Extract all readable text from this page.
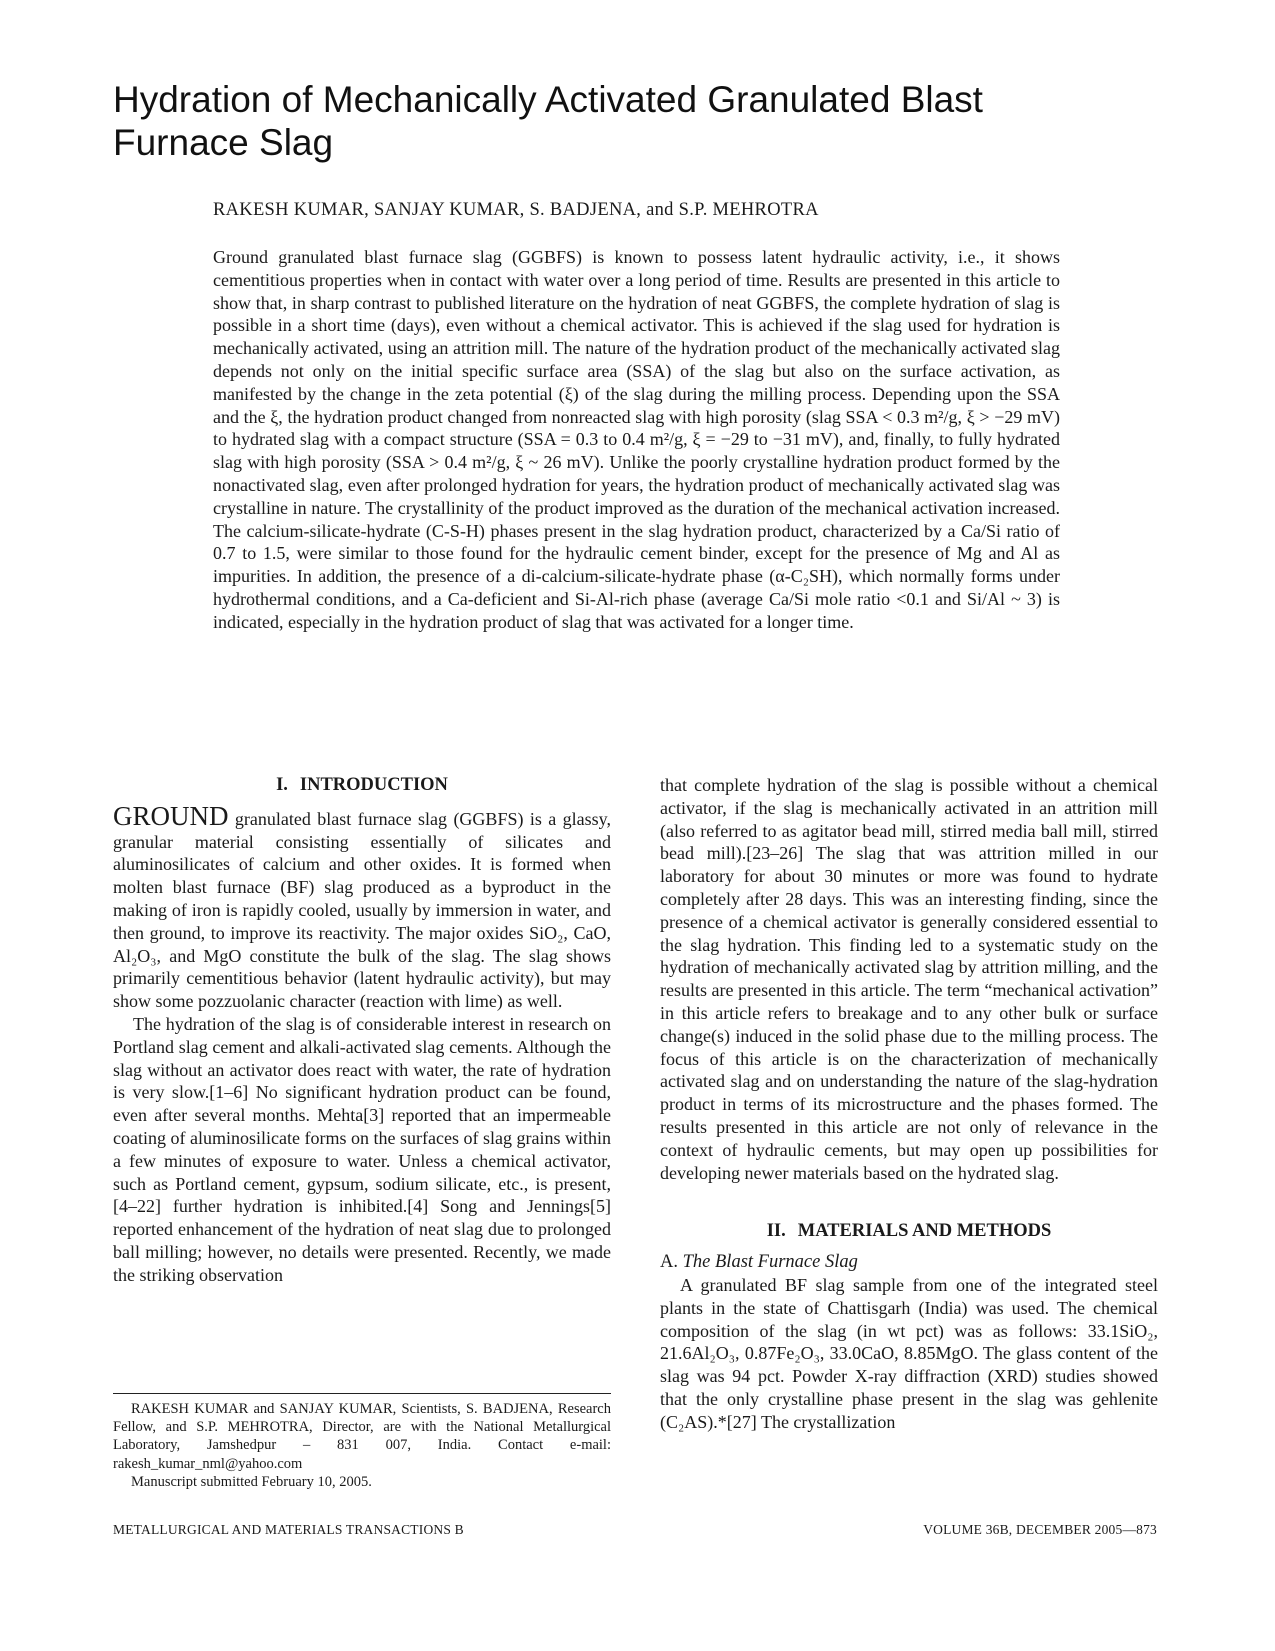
Hydration of Mechanically Activated Granulated Blast Furnace Slag

RAKESH KUMAR, SANJAY KUMAR, S. BADJENA, and S.P. MEHROTRA

Ground granulated blast furnace slag (GGBFS) is known to possess latent hydraulic activity, i.e., it shows cementitious properties when in contact with water over a long period of time. Results are presented in this article to show that, in sharp contrast to published literature on the hydration of neat GGBFS, the complete hydration of slag is possible in a short time (days), even without a chemical activator. This is achieved if the slag used for hydration is mechanically activated, using an attrition mill. The nature of the hydration product of the mechanically activated slag depends not only on the initial specific surface area (SSA) of the slag but also on the surface activation, as manifested by the change in the zeta potential (ξ) of the slag during the milling process. Depending upon the SSA and the ξ, the hydration product changed from nonreacted slag with high porosity (slag SSA < 0.3 m²/g, ξ > −29 mV) to hydrated slag with a compact structure (SSA = 0.3 to 0.4 m²/g, ξ = −29 to −31 mV), and, finally, to fully hydrated slag with high porosity (SSA > 0.4 m²/g, ξ ~ 26 mV). Unlike the poorly crystalline hydration product formed by the nonactivated slag, even after prolonged hydration for years, the hydration product of mechanically activated slag was crystalline in nature. The crystallinity of the product improved as the duration of the mechanical activation increased. The calcium-silicate-hydrate (C-S-H) phases present in the slag hydration product, characterized by a Ca/Si ratio of 0.7 to 1.5, were similar to those found for the hydraulic cement binder, except for the presence of Mg and Al as impurities. In addition, the presence of a di-calcium-silicate-hydrate phase (α-C₂SH), which normally forms under hydrothermal conditions, and a Ca-deficient and Si-Al-rich phase (average Ca/Si mole ratio <0.1 and Si/Al ~ 3) is indicated, especially in the hydration product of slag that was activated for a longer time.

I. INTRODUCTION

GROUND granulated blast furnace slag (GGBFS) is a glassy, granular material consisting essentially of silicates and aluminosilicates of calcium and other oxides. It is formed when molten blast furnace (BF) slag produced as a byproduct in the making of iron is rapidly cooled, usually by immersion in water, and then ground, to improve its reactivity. The major oxides SiO₂, CaO, Al₂O₃, and MgO constitute the bulk of the slag. The slag shows primarily cementitious behavior (latent hydraulic activity), but may show some pozzuolanic character (reaction with lime) as well.

The hydration of the slag is of considerable interest in research on Portland slag cement and alkali-activated slag cements. Although the slag without an activator does react with water, the rate of hydration is very slow.[1–6] No significant hydration product can be found, even after several months. Mehta[3] reported that an impermeable coating of aluminosilicate forms on the surfaces of slag grains within a few minutes of exposure to water. Unless a chemical activator, such as Portland cement, gypsum, sodium silicate, etc., is present,[4–22] further hydration is inhibited.[4] Song and Jennings[5] reported enhancement of the hydration of neat slag due to prolonged ball milling; however, no details were presented. Recently, we made the striking observation

that complete hydration of the slag is possible without a chemical activator, if the slag is mechanically activated in an attrition mill (also referred to as agitator bead mill, stirred media ball mill, stirred bead mill).[23–26] The slag that was attrition milled in our laboratory for about 30 minutes or more was found to hydrate completely after 28 days. This was an interesting finding, since the presence of a chemical activator is generally considered essential to the slag hydration. This finding led to a systematic study on the hydration of mechanically activated slag by attrition milling, and the results are presented in this article. The term “mechanical activation” in this article refers to breakage and to any other bulk or surface change(s) induced in the solid phase due to the milling process. The focus of this article is on the characterization of mechanically activated slag and on understanding the nature of the slag-hydration product in terms of its microstructure and the phases formed. The results presented in this article are not only of relevance in the context of hydraulic cements, but may open up possibilities for developing newer materials based on the hydrated slag.

II. MATERIALS AND METHODS

A. The Blast Furnace Slag

A granulated BF slag sample from one of the integrated steel plants in the state of Chattisgarh (India) was used. The chemical composition of the slag (in wt pct) was as follows: 33.1SiO₂, 21.6Al₂O₃, 0.87Fe₂O₃, 33.0CaO, 8.85MgO. The glass content of the slag was 94 pct. Powder X-ray diffraction (XRD) studies showed that the only crystalline phase present in the slag was gehlenite (C₂AS).*[27] The crystallization

RAKESH KUMAR and SANJAY KUMAR, Scientists, S. BADJENA, Research Fellow, and S.P. MEHROTRA, Director, are with the National Metallurgical Laboratory, Jamshedpur – 831 007, India. Contact e-mail: rakesh_kumar_nml@yahoo.com

Manuscript submitted February 10, 2005.

METALLURGICAL AND MATERIALS TRANSACTIONS B	VOLUME 36B, DECEMBER 2005—873
